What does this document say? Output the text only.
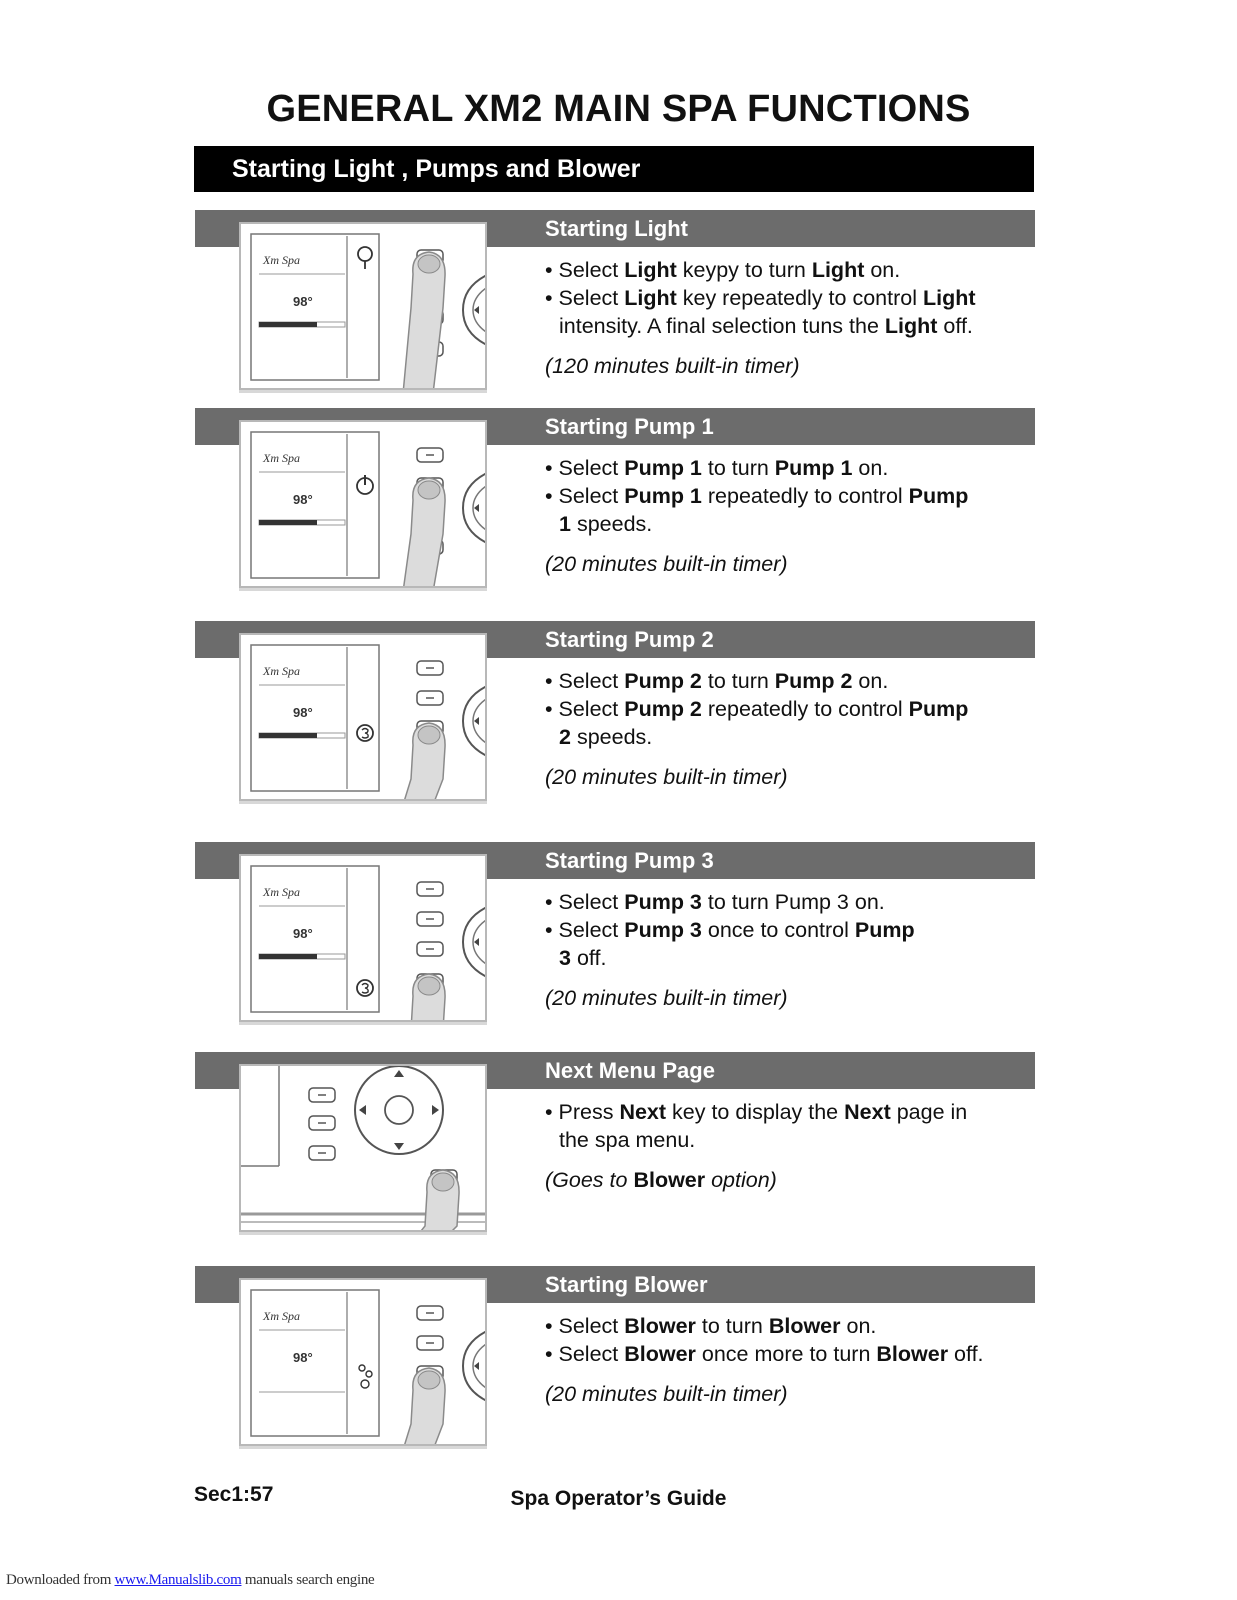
GENERAL XM2 MAIN SPA FUNCTIONS
Starting Light , Pumps and Blower
Starting Light
Xm Spa
98°
• Select Light keypy to turn Light on.
• Select Light key repeatedly to control Light
intensity. A final selection tuns the Light off.
(120 minutes built-in timer)
Starting Pump 1
Xm Spa
98°
• Select Pump 1 to turn Pump 1 on.
• Select Pump 1 repeatedly to control Pump
1 speeds.
(20 minutes built-in timer)
Starting Pump 2
Xm Spa
98°
• Select Pump 2 to turn Pump 2 on.
• Select Pump 2 repeatedly to control Pump
2 speeds.
(20 minutes built-in timer)
Starting Pump 3
Xm Spa
98°
• Select Pump 3 to turn Pump 3 on.
• Select Pump 3 once to control Pump
3 off.
(20 minutes built-in timer)
Next Menu Page
• Press Next key to display the Next page in
the spa menu.
(Goes to Blower option)
Starting Blower
Xm Spa
98°
• Select Blower to turn Blower on.
• Select Blower once more to turn Blower off.
(20 minutes built-in timer)
Sec1:57	Spa Operator’s Guide
Downloaded from www.Manualslib.com manuals search engine
